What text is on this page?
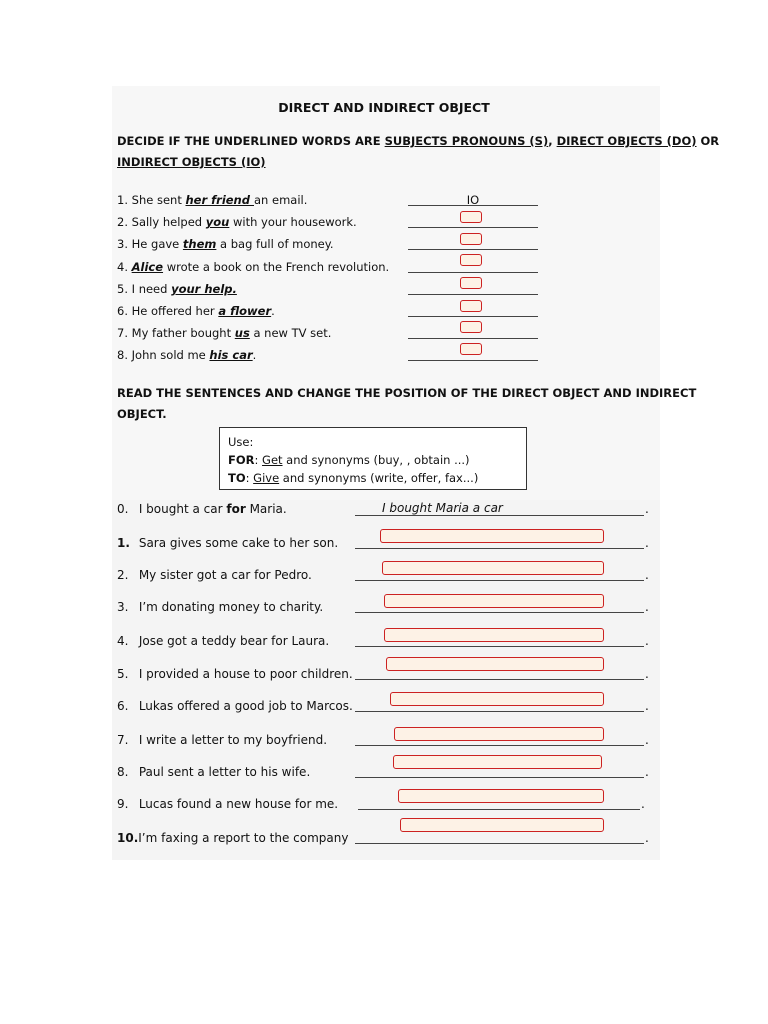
DIRECT AND INDIRECT OBJECT
DECIDE IF THE UNDERLINED WORDS ARE SUBJECTS PRONOUNS (S), DIRECT OBJECTS (DO) OR
INDIRECT OBJECTS (IO)
1. She sent her friend an email.	IO
2. Sally helped you with your housework.
3. He gave them a bag full of money.
4. Alice wrote a book on the French revolution.
5. I need your help.
6. He offered her a flower.
7. My father bought us a new TV set.
8. John sold me his car.
READ THE SENTENCES AND CHANGE THE POSITION OF THE DIRECT OBJECT AND INDIRECT
OBJECT.
Use:
FOR: Get and synonyms (buy, , obtain ...)
TO: Give and synonyms (write, offer, fax...)
0. I bought a car for Maria.	I bought Maria a car	.
1. Sara gives some cake to her son.	.
2. My sister got a car for Pedro.	.
3. I’m donating money to charity.	.
4. Jose got a teddy bear for Laura.	.
5. I provided a house to poor children.	.
6. Lukas offered a good job to Marcos.	.
7. I write a letter to my boyfriend.	.
8. Paul sent a letter to his wife.	.
9. Lucas found a new house for me.	.
10.I’m faxing a report to the company	.
